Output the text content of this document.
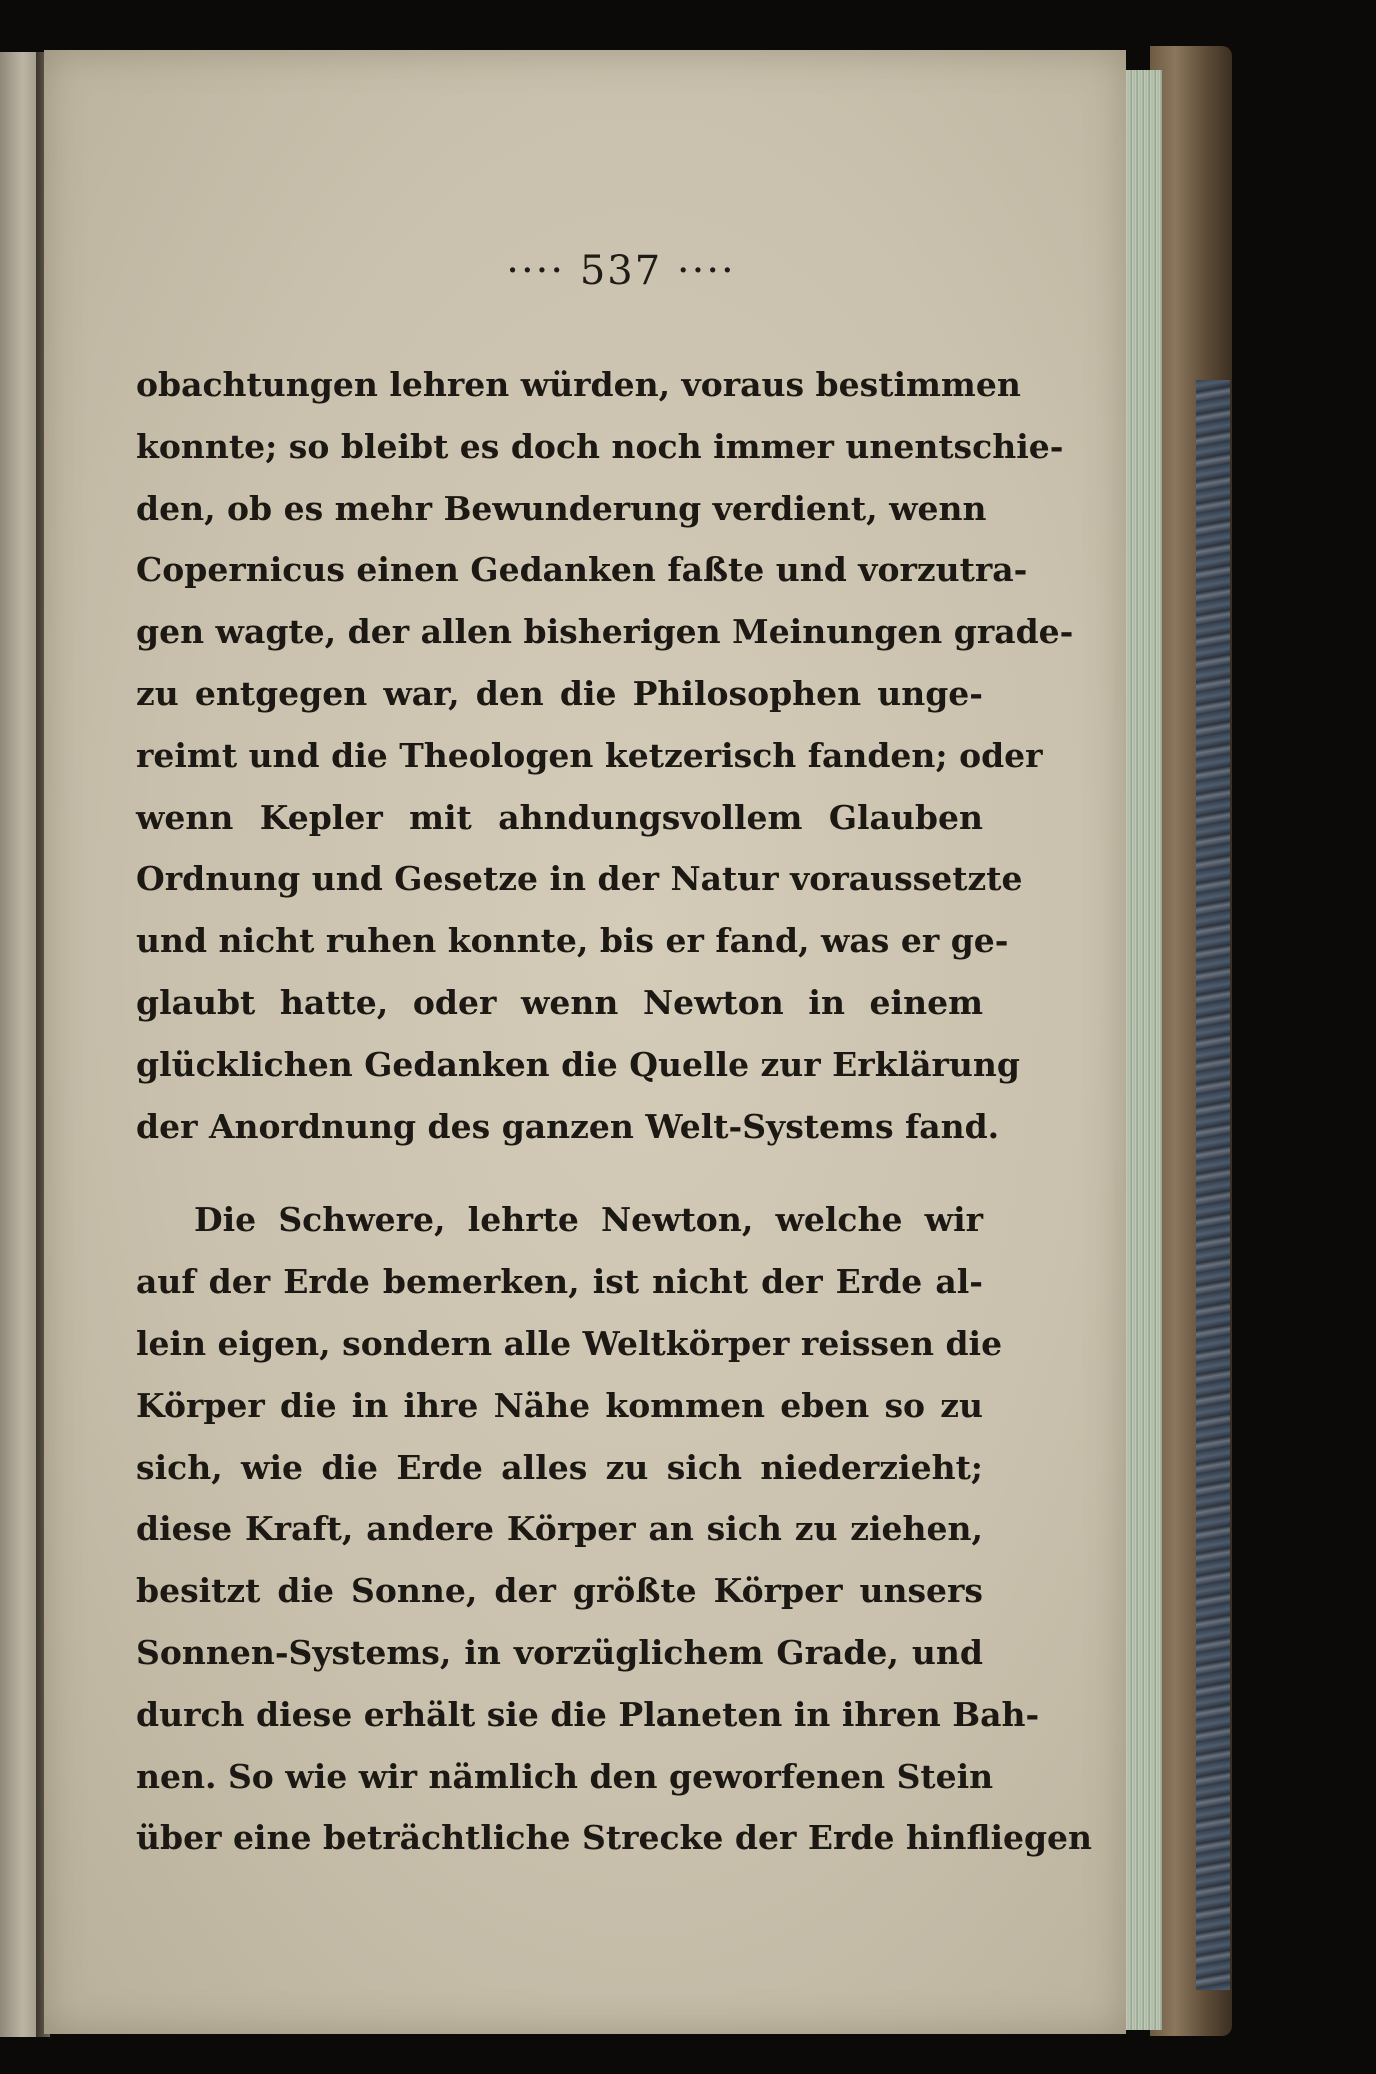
···· 537 ····
obachtungen lehren würden, voraus bestimmen
konnte; so bleibt es doch noch immer unentschie-
den, ob es mehr Bewunderung verdient, wenn
Copernicus einen Gedanken faßte und vorzutra-
gen wagte, der allen bisherigen Meinungen grade-
zu entgegen war, den die Philosophen unge-
reimt und die Theologen ketzerisch fanden; oder
wenn Kepler mit ahndungsvollem Glauben
Ordnung und Gesetze in der Natur voraussetzte
und nicht ruhen konnte, bis er fand, was er ge-
glaubt hatte, oder wenn Newton in einem
glücklichen Gedanken die Quelle zur Erklärung
der Anordnung des ganzen Welt-Systems fand.
Die Schwere, lehrte Newton, welche wir
auf der Erde bemerken, ist nicht der Erde al-
lein eigen, sondern alle Weltkörper reissen die
Körper die in ihre Nähe kommen eben so zu
sich, wie die Erde alles zu sich niederzieht;
diese Kraft, andere Körper an sich zu ziehen,
besitzt die Sonne, der größte Körper unsers
Sonnen-Systems, in vorzüglichem Grade, und
durch diese erhält sie die Planeten in ihren Bah-
nen. So wie wir nämlich den geworfenen Stein
über eine beträchtliche Strecke der Erde hinfliegen
